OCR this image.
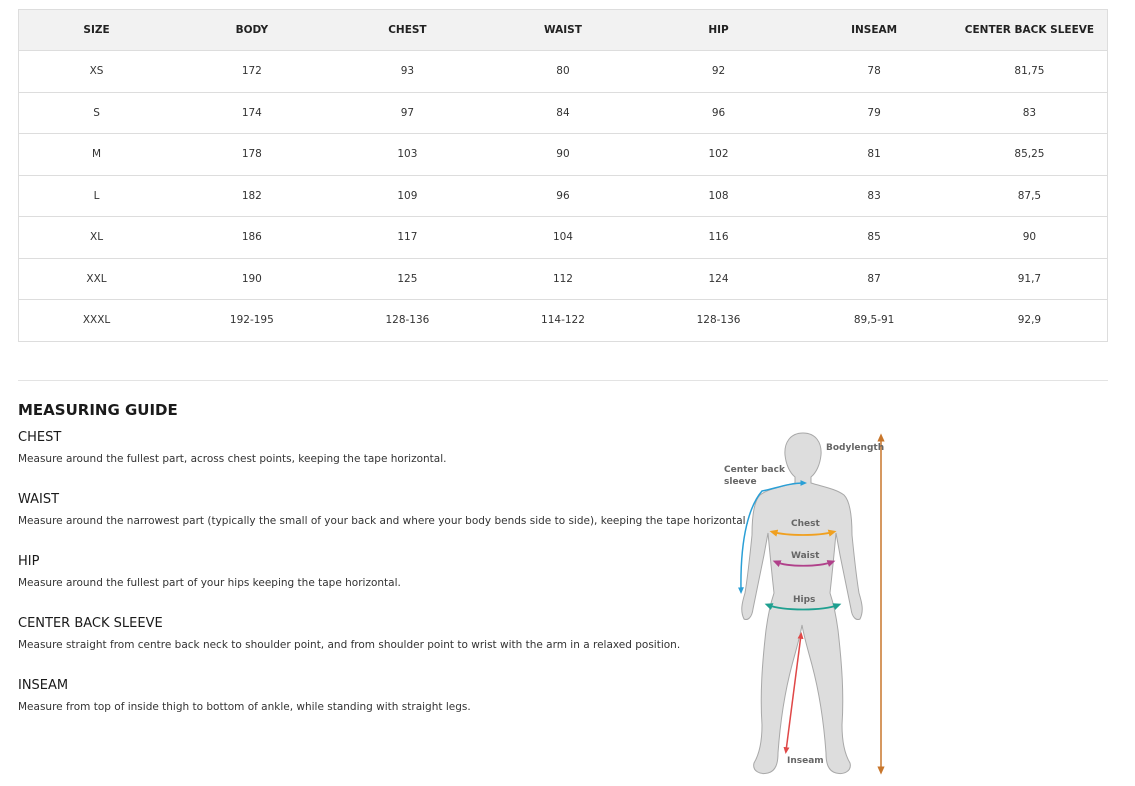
SIZE	BODY	CHEST	WAIST	HIP	INSEAM	CENTER BACK SLEEVE
XS	172	93	80	92	78	81,75
S	174	97	84	96	79	83
M	178	103	90	102	81	85,25
L	182	109	96	108	83	87,5
XL	186	117	104	116	85	90
XXL	190	125	112	124	87	91,7
XXXL	192-195	128-136	114-122	128-136	89,5-91	92,9
MEASURING GUIDE
CHEST

Measure around the fullest part, across chest points, keeping the tape horizontal.

WAIST

Measure around the narrowest part (typically the small of your back and where your body bends side to side), keeping the tape horizontal.

HIP

Measure around the fullest part of your hips keeping the tape horizontal.

CENTER BACK SLEEVE

Measure straight from centre back neck to shoulder point, and from shoulder point to wrist with the arm in a relaxed position.

INSEAM

Measure from top of inside thigh to bottom of ankle, while standing with straight legs.

Bodylength
Center back
sleeve
Chest
Waist
Hips
Inseam
